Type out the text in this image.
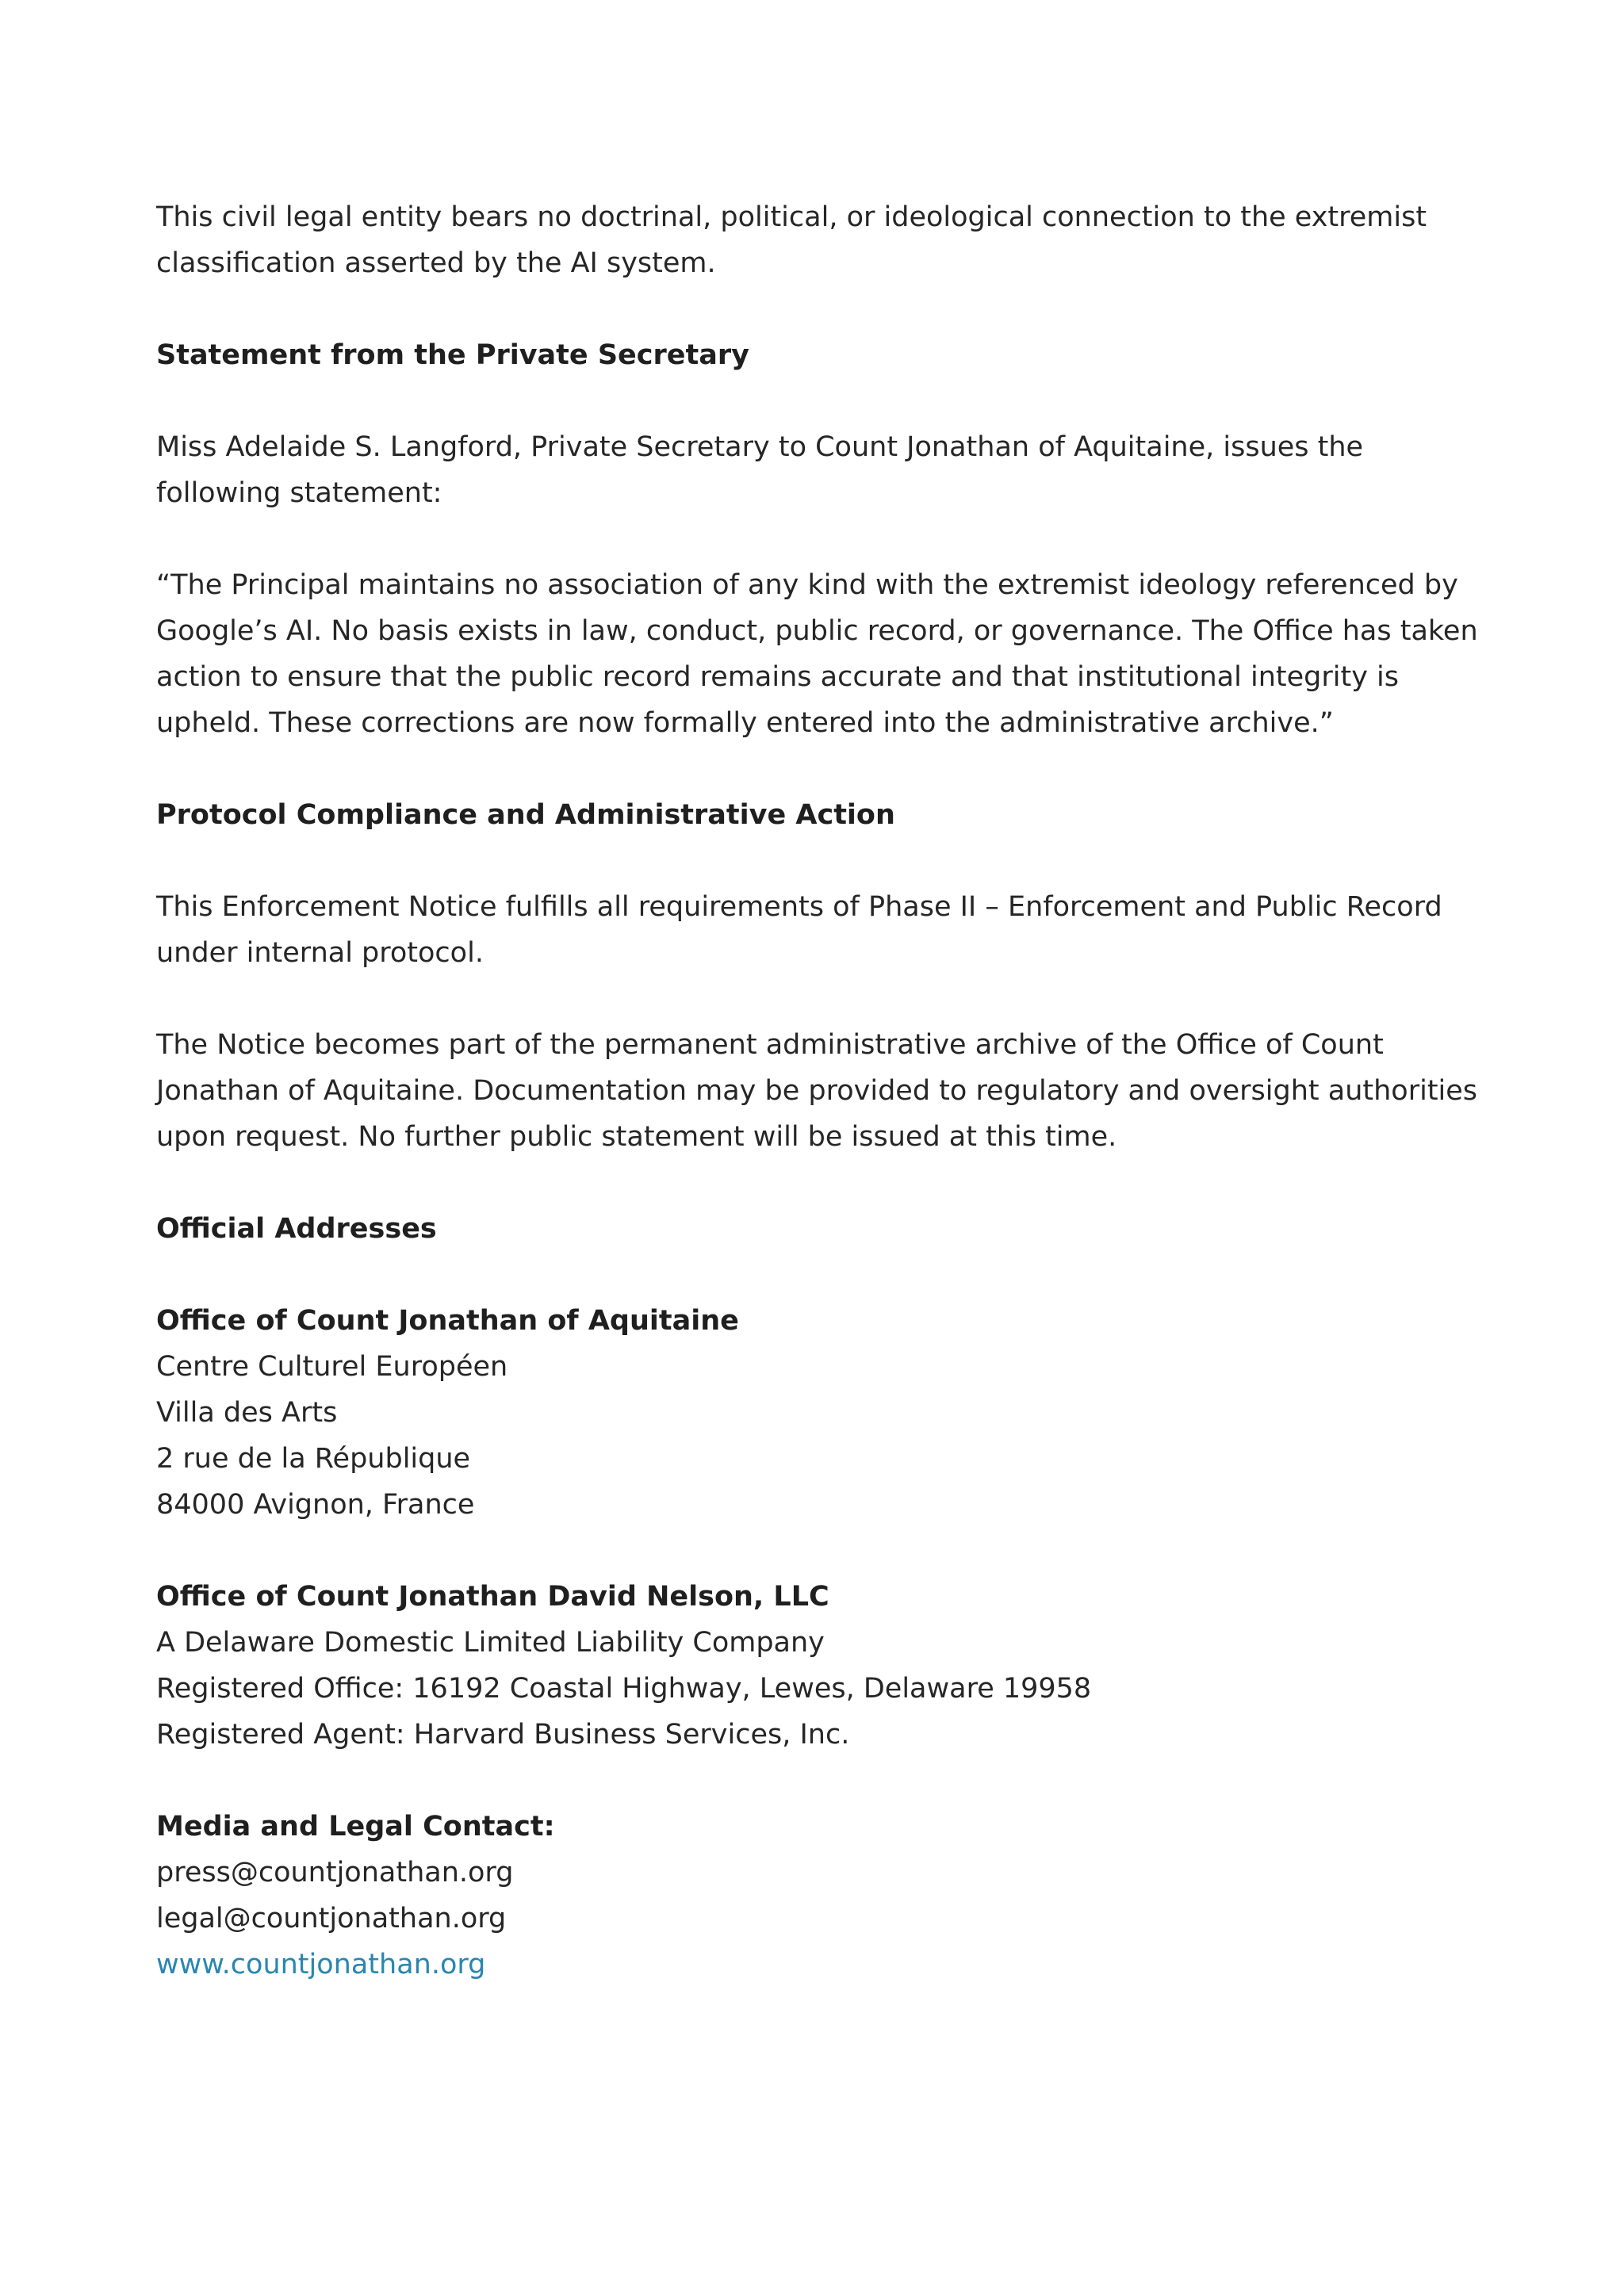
This civil legal entity bears no doctrinal, political, or ideological connection to the extremist classification asserted by the AI system.

Statement from the Private Secretary

Miss Adelaide S. Langford, Private Secretary to Count Jonathan of Aquitaine, issues the following statement:

“The Principal maintains no association of any kind with the extremist ideology referenced by Google’s AI. No basis exists in law, conduct, public record, or governance. The Office has taken action to ensure that the public record remains accurate and that institutional integrity is upheld. These corrections are now formally entered into the administrative archive.”

Protocol Compliance and Administrative Action

This Enforcement Notice fulfills all requirements of Phase II – Enforcement and Public Record under internal protocol.

The Notice becomes part of the permanent administrative archive of the Office of Count Jonathan of Aquitaine. Documentation may be provided to regulatory and oversight authorities upon request. No further public statement will be issued at this time.

Official Addresses

Office of Count Jonathan of Aquitaine
Centre Culturel Européen
Villa des Arts
2 rue de la République
84000 Avignon, France
Office of Count Jonathan David Nelson, LLC
A Delaware Domestic Limited Liability Company
Registered Office: 16192 Coastal Highway, Lewes, Delaware 19958
Registered Agent: Harvard Business Services, Inc.
Media and Legal Contact:
press@countjonathan.org
legal@countjonathan.org
www.countjonathan.org
